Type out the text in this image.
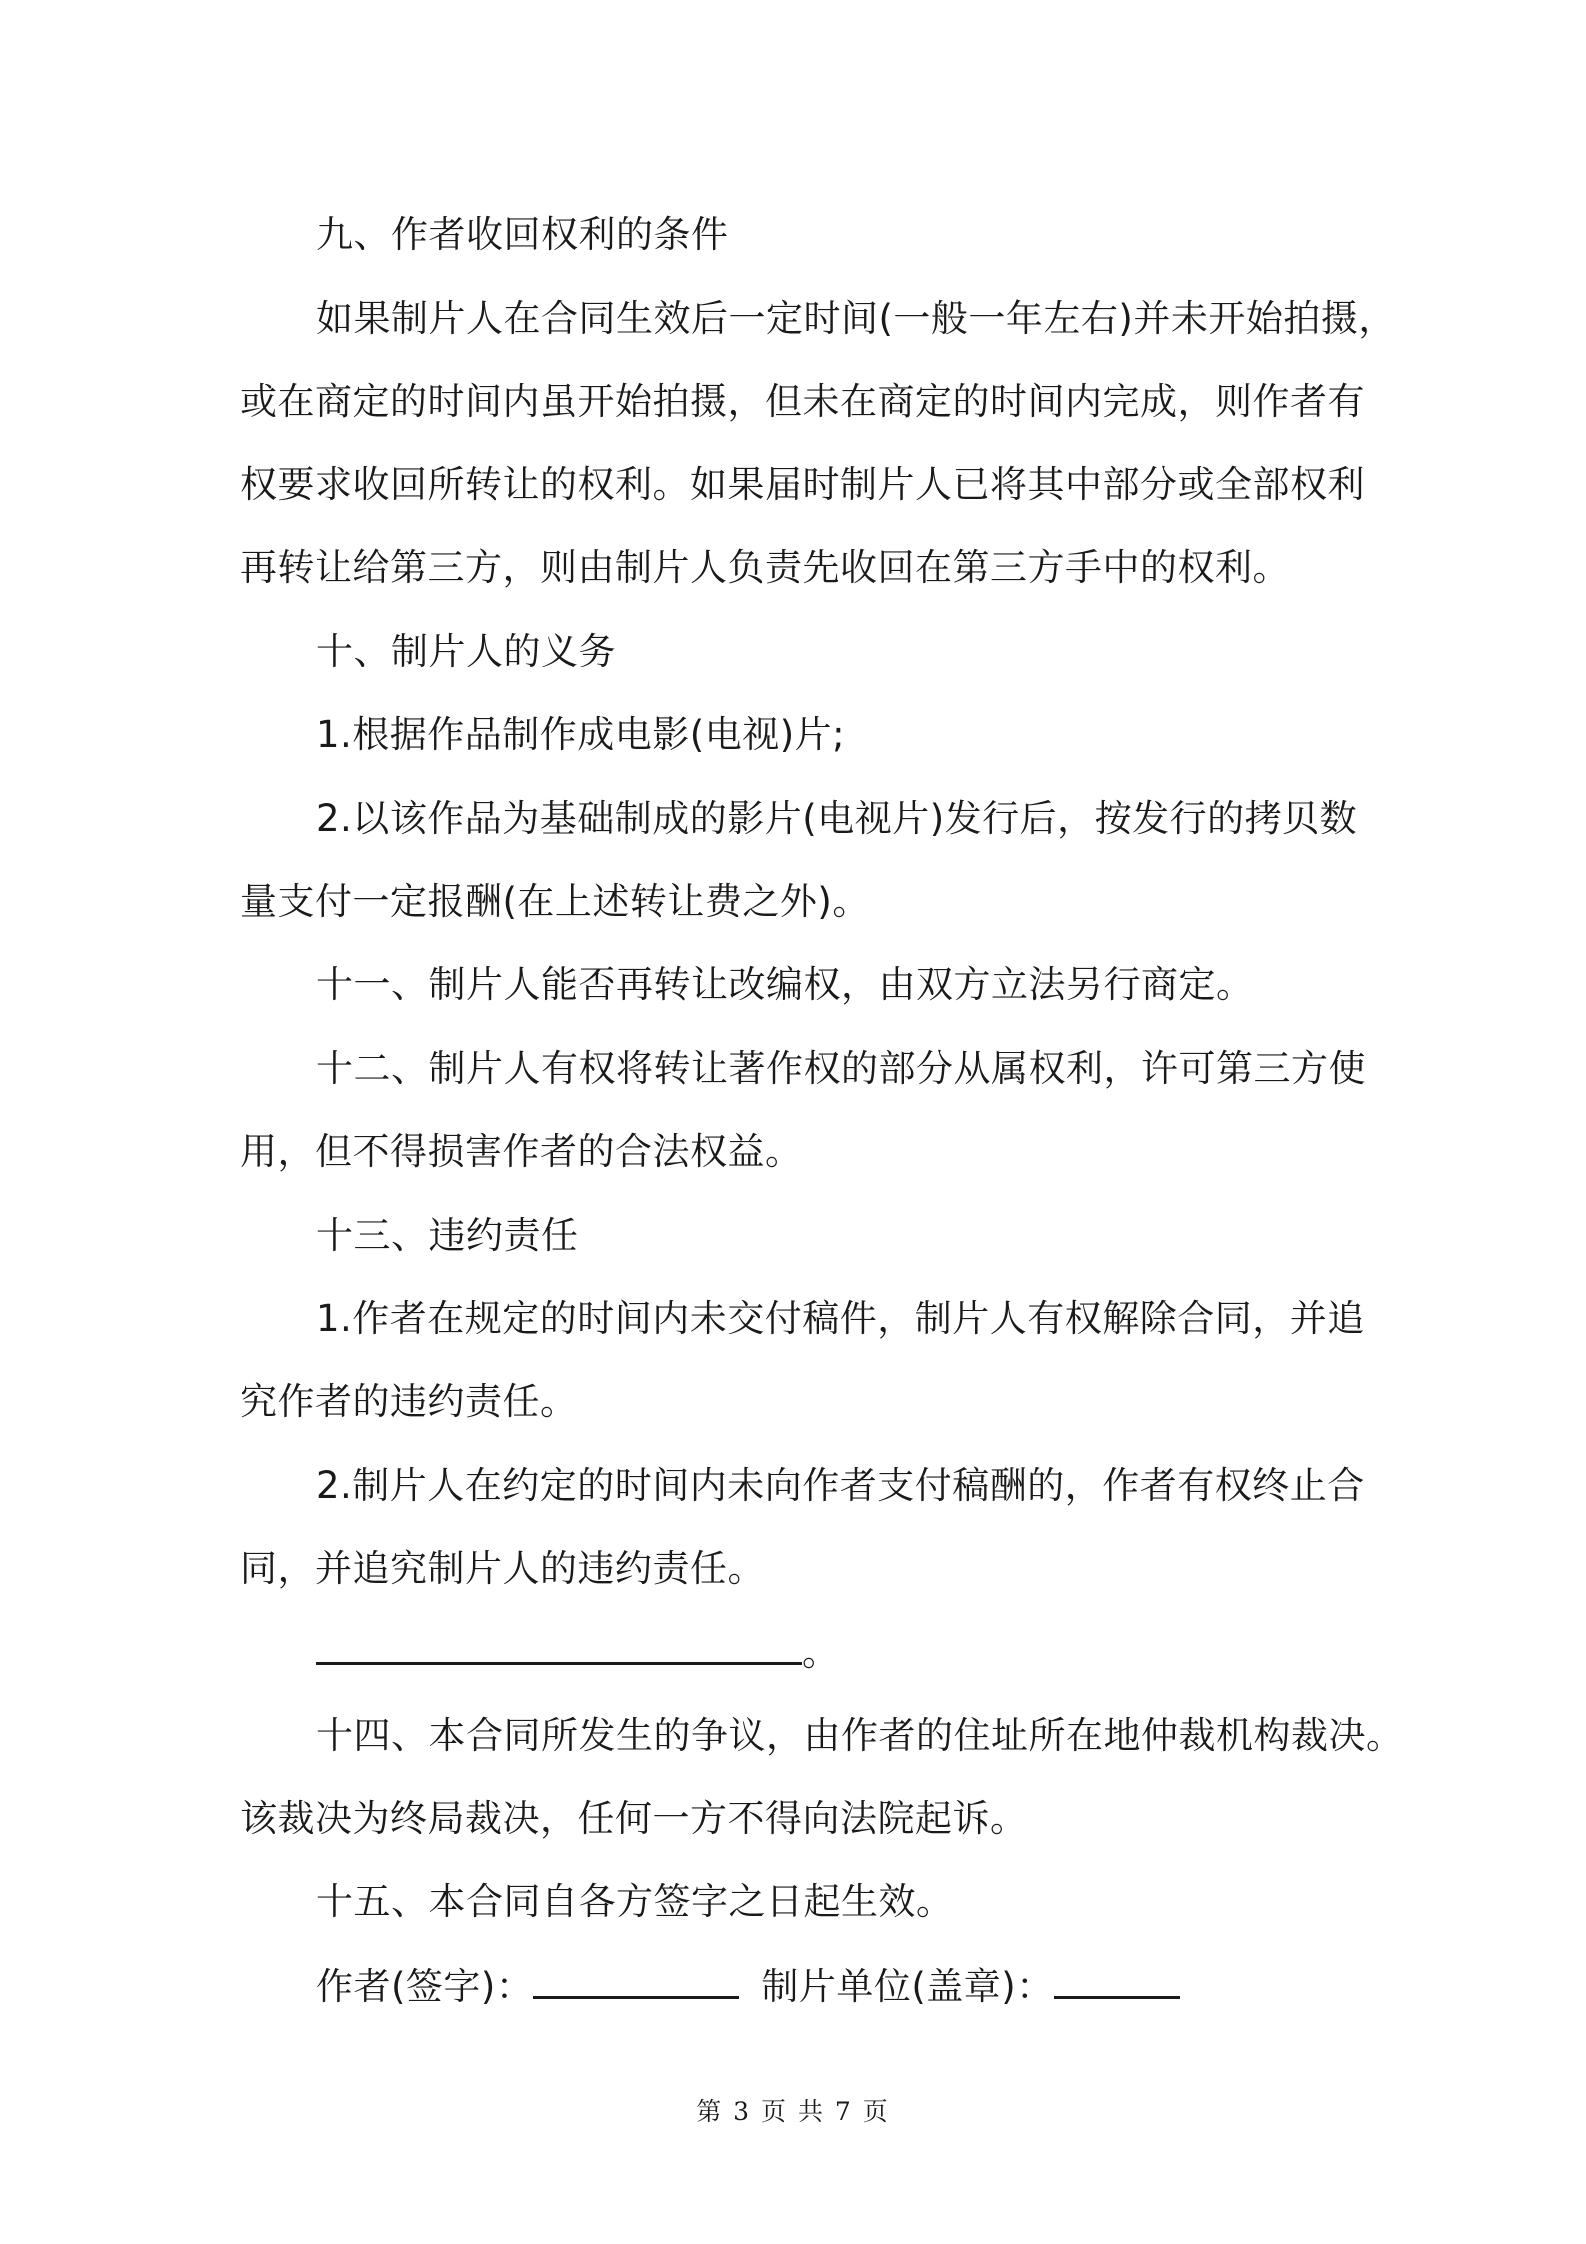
九、作者收回权利的条件
如果制片人在合同生效后一定时间(一般一年左右)并未开始拍摄，
或在商定的时间内虽开始拍摄，但未在商定的时间内完成，则作者有
权要求收回所转让的权利。如果届时制片人已将其中部分或全部权利
再转让给第三方，则由制片人负责先收回在第三方手中的权利。
十、制片人的义务
1.根据作品制作成电影(电视)片;
2.以该作品为基础制成的影片(电视片)发行后，按发行的拷贝数
量支付一定报酬(在上述转让费之外)。
十一、制片人能否再转让改编权，由双方立法另行商定。
十二、制片人有权将转让著作权的部分从属权利，许可第三方使
用，但不得损害作者的合法权益。
十三、违约责任
1.作者在规定的时间内未交付稿件，制片人有权解除合同，并追
究作者的违约责任。
2.制片人在约定的时间内未向作者支付稿酬的，作者有权终止合
同，并追究制片人的违约责任。
。
十四、本合同所发生的争议，由作者的住址所在地仲裁机构裁决。
该裁决为终局裁决，任何一方不得向法院起诉。
十五、本合同自各方签字之日起生效。
作者(签字)：	制片单位(盖章)：
第 3 页 共 7 页
